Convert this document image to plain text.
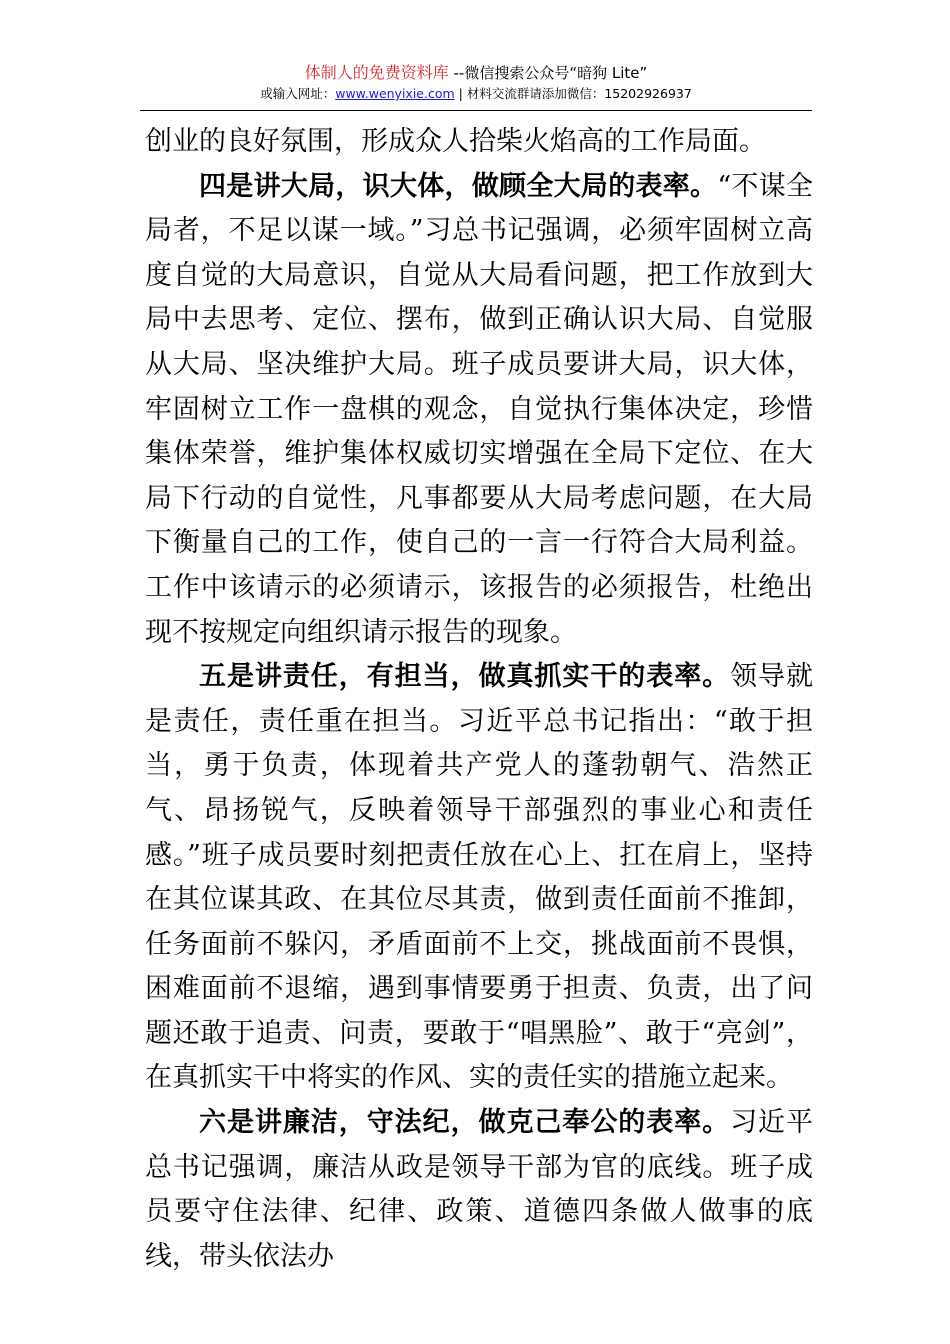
体制人的免费资料库 --微信搜索公众号“暗狗 Lite”
或输入网址：www.wenyixie.com | 材料交流群请添加微信：15202926937

创业的良好氛围，形成众人拾柴火焰高的工作局面。

四是讲大局，识大体，做顾全大局的表率。“不谋全局者，不足以谋一域。”习总书记强调，必须牢固树立高度自觉的大局意识，自觉从大局看问题，把工作放到大局中去思考、定位、摆布，做到正确认识大局、自觉服从大局、坚决维护大局。班子成员要讲大局，识大体，牢固树立工作一盘棋的观念，自觉执行集体决定，珍惜集体荣誉，维护集体权威切实增强在全局下定位、在大局下行动的自觉性，凡事都要从大局考虑问题，在大局下衡量自己的工作，使自己的一言一行符合大局利益。工作中该请示的必须请示，该报告的必须报告，杜绝出现不按规定向组织请示报告的现象。

五是讲责任，有担当，做真抓实干的表率。领导就是责任，责任重在担当。习近平总书记指出：“敢于担当，勇于负责，体现着共产党人的蓬勃朝气、浩然正气、昂扬锐气，反映着领导干部强烈的事业心和责任感。”班子成员要时刻把责任放在心上、扛在肩上，坚持在其位谋其政、在其位尽其责，做到责任面前不推卸，任务面前不躲闪，矛盾面前不上交，挑战面前不畏惧，困难面前不退缩，遇到事情要勇于担责、负责，出了问题还敢于追责、问责，要敢于“唱黑脸”、敢于“亮剑”，在真抓实干中将实的作风、实的责任实的措施立起来。

六是讲廉洁，守法纪，做克己奉公的表率。习近平总书记强调，廉洁从政是领导干部为官的底线。班子成员要守住法律、纪律、政策、道德四条做人做事的底线，带头依法办
